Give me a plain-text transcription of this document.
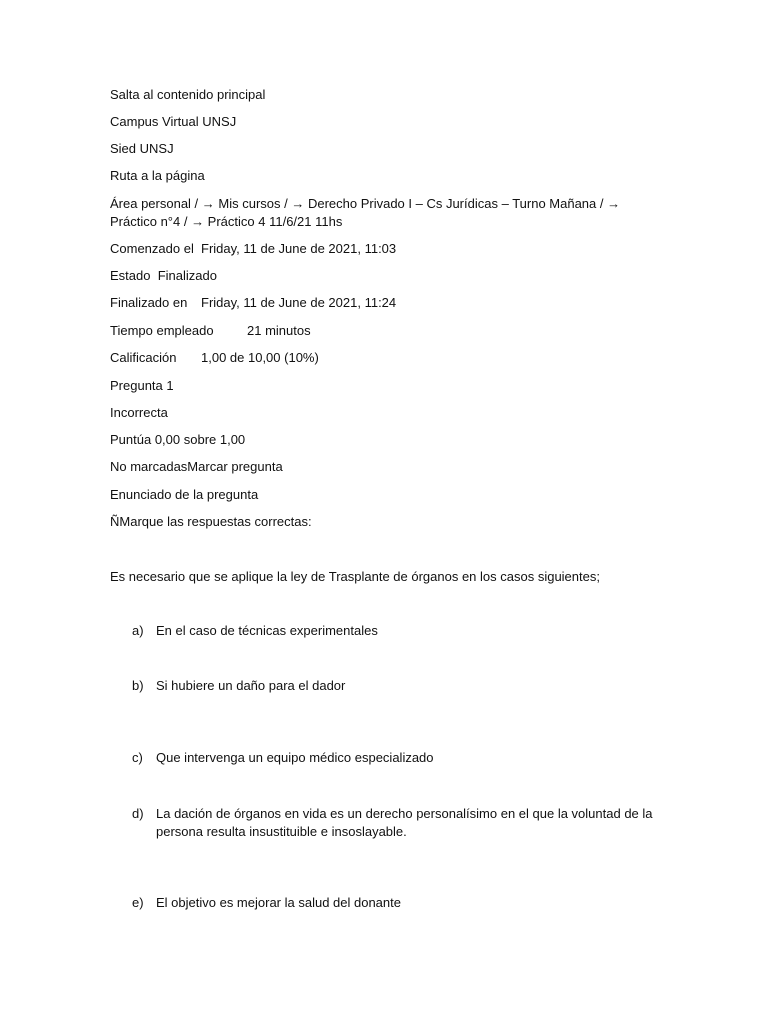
Salta al contenido principal
Campus Virtual UNSJ
Sied UNSJ
Ruta a la página
Área personal / → Mis cursos / → Derecho Privado I – Cs Jurídicas – Turno Mañana / → Práctico n°4 / → Práctico 4 11/6/21 11hs
Comenzado el Friday, 11 de June de 2021, 11:03
Estado Finalizado
Finalizado en Friday, 11 de June de 2021, 11:24
Tiempo empleado	21 minutos
Calificación 1,00 de 10,00 (10%)
Pregunta 1
Incorrecta
Puntúa 0,00 sobre 1,00
No marcadasMarcar pregunta
Enunciado de la pregunta
ÑMarque las respuestas correctas:
Es necesario que se aplique la ley de Trasplante de órganos en los casos siguientes;
a) En el caso de técnicas experimentales
b) Si hubiere un daño para el dador
c)	Que intervenga un equipo médico especializado
d) La dación de órganos en vida es un derecho personalísimo en el que la voluntad de la persona resulta insustituible e insoslayable.
e) El objetivo es mejorar la salud del donante
